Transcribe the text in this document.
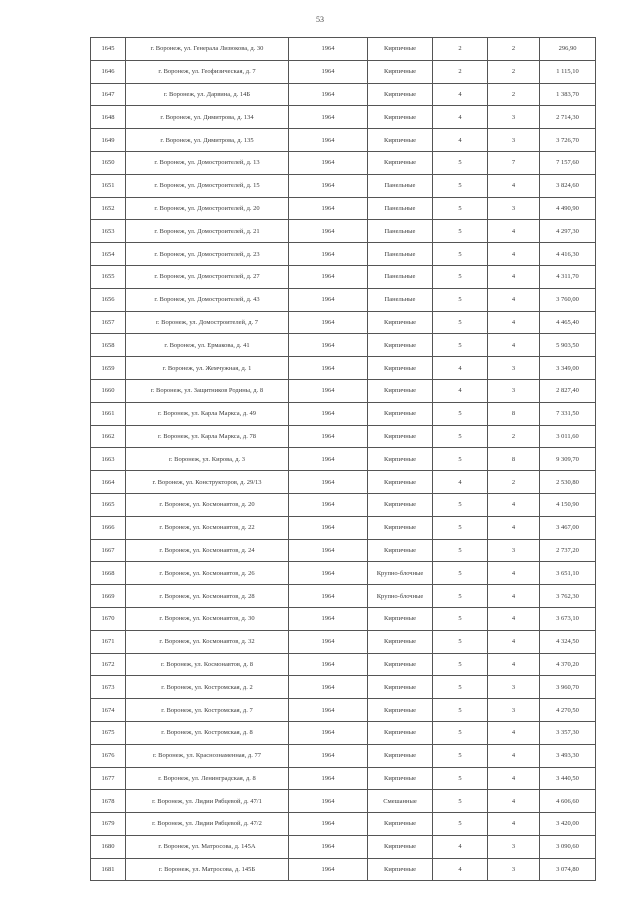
53
1645	г. Воронеж, ул. Генерала Лизюкова, д. 30	1964	Кирпичные	2	2	296,90
1646	г. Воронеж, ул. Геофизическая, д. 7	1964	Кирпичные	2	2	1 115,10
1647	г. Воронеж, ул. Дарвина, д. 14Б	1964	Кирпичные	4	2	1 383,70
1648	г. Воронеж, ул. Димитрова, д. 134	1964	Кирпичные	4	3	2 714,30
1649	г. Воронеж, ул. Димитрова, д. 135	1964	Кирпичные	4	3	3 726,70
1650	г. Воронеж, ул. Домостроителей, д. 13	1964	Кирпичные	5	7	7 157,60
1651	г. Воронеж, ул. Домостроителей, д. 15	1964	Панельные	5	4	3 824,60
1652	г. Воронеж, ул. Домостроителей, д. 20	1964	Панельные	5	3	4 490,90
1653	г. Воронеж, ул. Домостроителей, д. 21	1964	Панельные	5	4	4 297,30
1654	г. Воронеж, ул. Домостроителей, д. 23	1964	Панельные	5	4	4 416,30
1655	г. Воронеж, ул. Домостроителей, д. 27	1964	Панельные	5	4	4 311,70
1656	г. Воронеж, ул. Домостроителей, д. 43	1964	Панельные	5	4	3 760,00
1657	г. Воронеж, ул. Домостроителей, д. 7	1964	Кирпичные	5	4	4 465,40
1658	г. Воронеж, ул. Ермакова, д. 41	1964	Кирпичные	5	4	5 903,50
1659	г. Воронеж, ул. Жемчужная, д. 1	1964	Кирпичные	4	3	3 349,00
1660	г. Воронеж, ул. Защитников Родины, д. 8	1964	Кирпичные	4	3	2 827,40
1661	г. Воронеж, ул. Карла Маркса, д. 49	1964	Кирпичные	5	8	7 331,50
1662	г. Воронеж, ул. Карла Маркса, д. 78	1964	Кирпичные	5	2	3 011,60
1663	г. Воронеж, ул. Кирова, д. 3	1964	Кирпичные	5	8	9 309,70
1664	г. Воронеж, ул. Конструкторов, д. 29/13	1964	Кирпичные	4	2	2 530,80
1665	г. Воронеж, ул. Космонавтов, д. 20	1964	Кирпичные	5	4	4 150,90
1666	г. Воронеж, ул. Космонавтов, д. 22	1964	Кирпичные	5	4	3 467,00
1667	г. Воронеж, ул. Космонавтов, д. 24	1964	Кирпичные	5	3	2 737,20
1668	г. Воронеж, ул. Космонавтов, д. 26	1964	Крупно-блочные	5	4	3 651,10
1669	г. Воронеж, ул. Космонавтов, д. 28	1964	Крупно-блочные	5	4	3 762,30
1670	г. Воронеж, ул. Космонавтов, д. 30	1964	Кирпичные	5	4	3 673,10
1671	г. Воронеж, ул. Космонавтов, д. 32	1964	Кирпичные	5	4	4 324,50
1672	г. Воронеж, ул. Космонавтов, д. 8	1964	Кирпичные	5	4	4 370,20
1673	г. Воронеж, ул. Костромская, д. 2	1964	Кирпичные	5	3	3 960,70
1674	г. Воронеж, ул. Костромская, д. 7	1964	Кирпичные	5	3	4 270,50
1675	г. Воронеж, ул. Костромская, д. 8	1964	Кирпичные	5	4	3 357,30
1676	г. Воронеж, ул. Краснознаменная, д. 77	1964	Кирпичные	5	4	3 493,30
1677	г. Воронеж, ул. Ленинградская, д. 8	1964	Кирпичные	5	4	3 440,50
1678	г. Воронеж, ул. Лидии Рябцевой, д. 47/1	1964	Смешанные	5	4	4 606,60
1679	г. Воронеж, ул. Лидии Рябцевой, д. 47/2	1964	Кирпичные	5	4	3 420,00
1680	г. Воронеж, ул. Матросова, д. 145А	1964	Кирпичные	4	3	3 090,60
1681	г. Воронеж, ул. Матросова, д. 145Б	1964	Кирпичные	4	3	3 074,80
